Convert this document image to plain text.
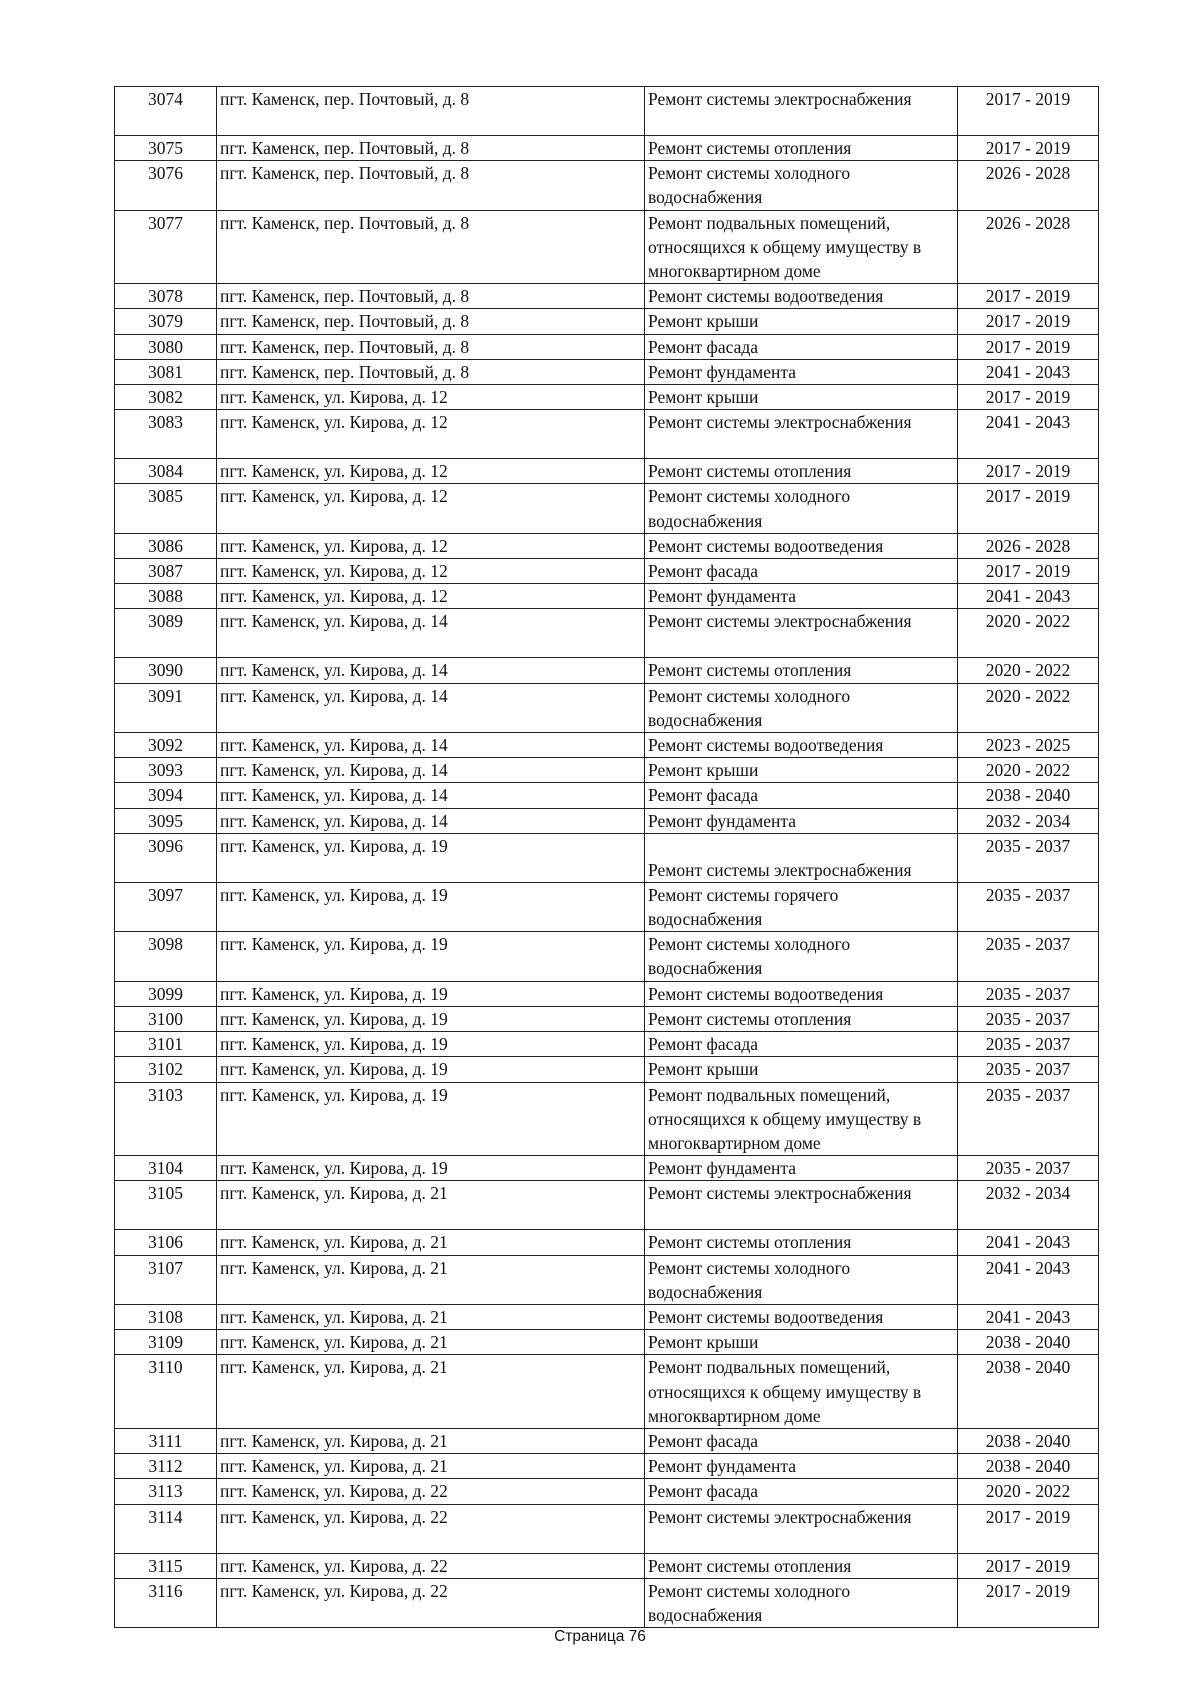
3074	пгт. Каменск, пер. Почтовый, д. 8	Ремонт системы электроснабжения	2017 - 2019
3075	пгт. Каменск, пер. Почтовый, д. 8	Ремонт системы отопления	2017 - 2019
3076	пгт. Каменск, пер. Почтовый, д. 8	Ремонт системы холодного водоснабжения	2026 - 2028
3077	пгт. Каменск, пер. Почтовый, д. 8	Ремонт подвальных помещений, относящихся к общему имуществу в многоквартирном доме	2026 - 2028
3078	пгт. Каменск, пер. Почтовый, д. 8	Ремонт системы водоотведения	2017 - 2019
3079	пгт. Каменск, пер. Почтовый, д. 8	Ремонт крыши	2017 - 2019
3080	пгт. Каменск, пер. Почтовый, д. 8	Ремонт фасада	2017 - 2019
3081	пгт. Каменск, пер. Почтовый, д. 8	Ремонт фундамента	2041 - 2043
3082	пгт. Каменск, ул. Кирова, д. 12	Ремонт крыши	2017 - 2019
3083	пгт. Каменск, ул. Кирова, д. 12	Ремонт системы электроснабжения	2041 - 2043
3084	пгт. Каменск, ул. Кирова, д. 12	Ремонт системы отопления	2017 - 2019
3085	пгт. Каменск, ул. Кирова, д. 12	Ремонт системы холодного водоснабжения	2017 - 2019
3086	пгт. Каменск, ул. Кирова, д. 12	Ремонт системы водоотведения	2026 - 2028
3087	пгт. Каменск, ул. Кирова, д. 12	Ремонт фасада	2017 - 2019
3088	пгт. Каменск, ул. Кирова, д. 12	Ремонт фундамента	2041 - 2043
3089	пгт. Каменск, ул. Кирова, д. 14	Ремонт системы электроснабжения	2020 - 2022
3090	пгт. Каменск, ул. Кирова, д. 14	Ремонт системы отопления	2020 - 2022
3091	пгт. Каменск, ул. Кирова, д. 14	Ремонт системы холодного водоснабжения	2020 - 2022
3092	пгт. Каменск, ул. Кирова, д. 14	Ремонт системы водоотведения	2023 - 2025
3093	пгт. Каменск, ул. Кирова, д. 14	Ремонт крыши	2020 - 2022
3094	пгт. Каменск, ул. Кирова, д. 14	Ремонт фасада	2038 - 2040
3095	пгт. Каменск, ул. Кирова, д. 14	Ремонт фундамента	2032 - 2034
3096	пгт. Каменск, ул. Кирова, д. 19	Ремонт системы электроснабжения	2035 - 2037
3097	пгт. Каменск, ул. Кирова, д. 19	Ремонт системы горячего водоснабжения	2035 - 2037
3098	пгт. Каменск, ул. Кирова, д. 19	Ремонт системы холодного водоснабжения	2035 - 2037
3099	пгт. Каменск, ул. Кирова, д. 19	Ремонт системы водоотведения	2035 - 2037
3100	пгт. Каменск, ул. Кирова, д. 19	Ремонт системы отопления	2035 - 2037
3101	пгт. Каменск, ул. Кирова, д. 19	Ремонт фасада	2035 - 2037
3102	пгт. Каменск, ул. Кирова, д. 19	Ремонт крыши	2035 - 2037
3103	пгт. Каменск, ул. Кирова, д. 19	Ремонт подвальных помещений, относящихся к общему имуществу в многоквартирном доме	2035 - 2037
3104	пгт. Каменск, ул. Кирова, д. 19	Ремонт фундамента	2035 - 2037
3105	пгт. Каменск, ул. Кирова, д. 21	Ремонт системы электроснабжения	2032 - 2034
3106	пгт. Каменск, ул. Кирова, д. 21	Ремонт системы отопления	2041 - 2043
3107	пгт. Каменск, ул. Кирова, д. 21	Ремонт системы холодного водоснабжения	2041 - 2043
3108	пгт. Каменск, ул. Кирова, д. 21	Ремонт системы водоотведения	2041 - 2043
3109	пгт. Каменск, ул. Кирова, д. 21	Ремонт крыши	2038 - 2040
3110	пгт. Каменск, ул. Кирова, д. 21	Ремонт подвальных помещений, относящихся к общему имуществу в многоквартирном доме	2038 - 2040
3111	пгт. Каменск, ул. Кирова, д. 21	Ремонт фасада	2038 - 2040
3112	пгт. Каменск, ул. Кирова, д. 21	Ремонт фундамента	2038 - 2040
3113	пгт. Каменск, ул. Кирова, д. 22	Ремонт фасада	2020 - 2022
3114	пгт. Каменск, ул. Кирова, д. 22	Ремонт системы электроснабжения	2017 - 2019
3115	пгт. Каменск, ул. Кирова, д. 22	Ремонт системы отопления	2017 - 2019
3116	пгт. Каменск, ул. Кирова, д. 22	Ремонт системы холодного водоснабжения	2017 - 2019
Страница 76
